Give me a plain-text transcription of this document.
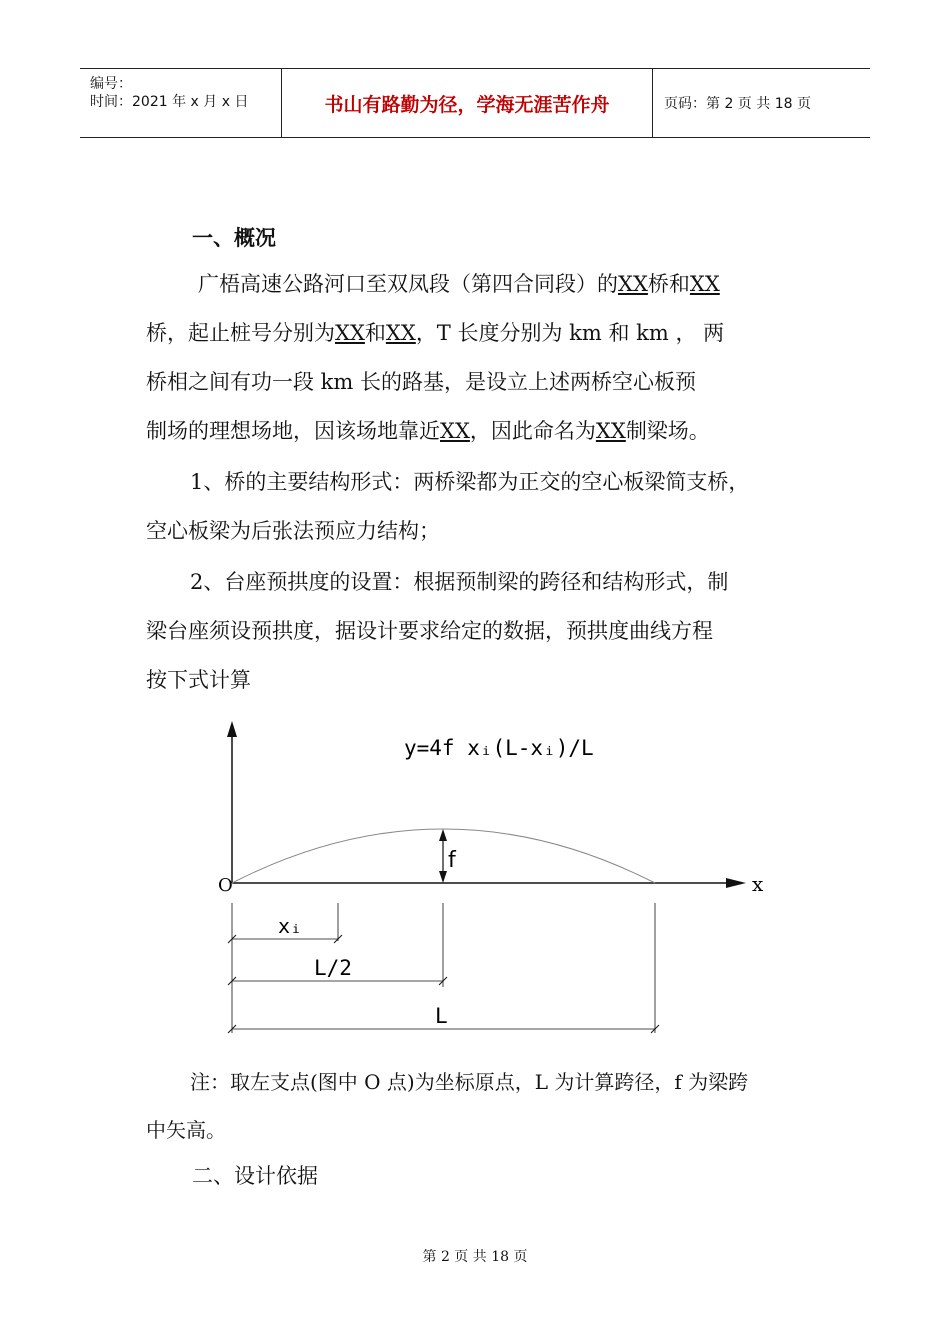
编号：
时间：2021 年 x 月 x 日	书山有路勤为径，学海无涯苦作舟	页码：第 2 页 共 18 页
一、概况

广梧高速公路河口至双凤段（第四合同段）的XX桥和XX

桥，起止桩号分别为XX和XX，T 长度分别为 km 和 km ， 两

桥相之间有功一段 km 长的路基，是设立上述两桥空心板预

制场的理想场地，因该场地靠近XX，因此命名为XX制梁场。

1、桥的主要结构形式：两桥梁都为正交的空心板梁简支桥，

空心板梁为后张法预应力结构；

2、台座预拱度的设置：根据预制梁的跨径和结构形式，制

梁台座须设预拱度，据设计要求给定的数据，预拱度曲线方程

按下式计算

f
O	x
y=4f xᵢ(L-xᵢ)/L
xᵢ
L/2
L

注：取左支点(图中 O 点)为坐标原点，L 为计算跨径，f 为梁跨

中矢高。

二、设计依据
第 2 页 共 18 页
